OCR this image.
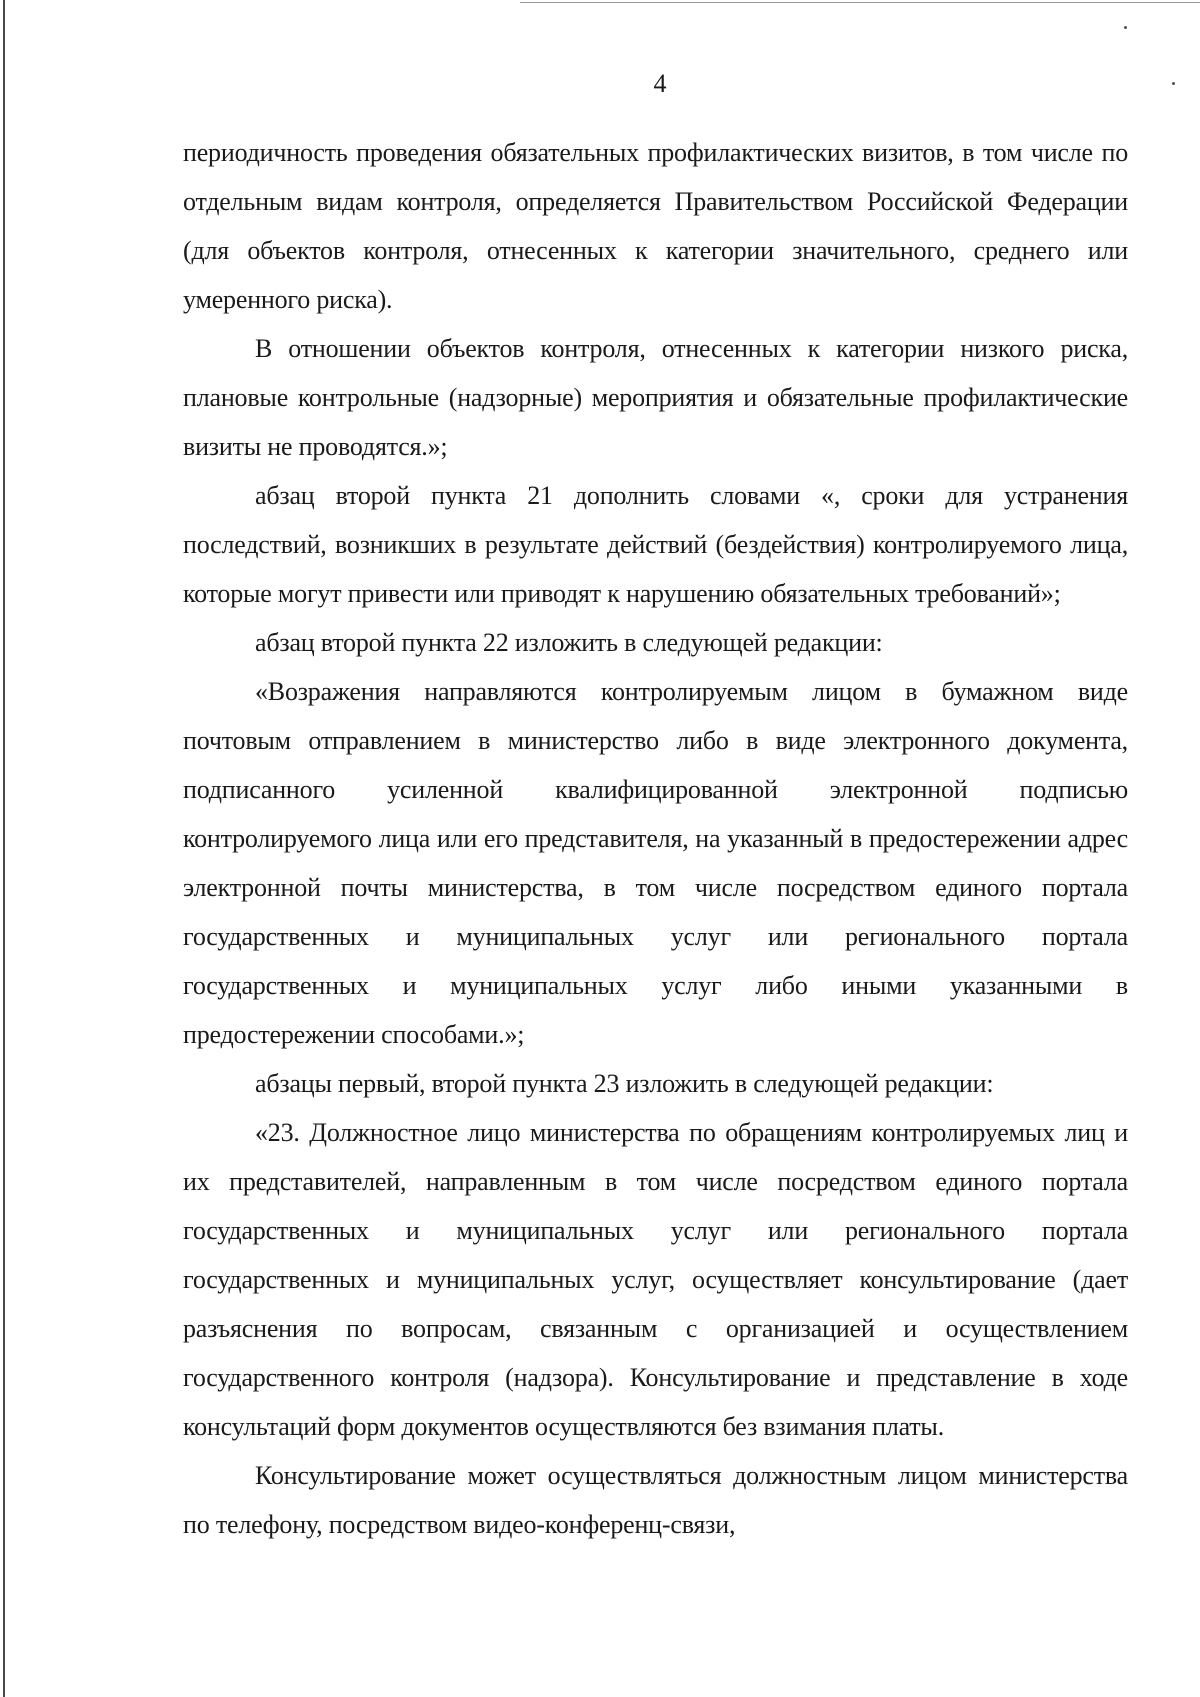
4

периодичность проведения обязательных профилактических визитов, в том числе по отдельным видам контроля, определяется Правительством Российской Федерации (для объектов контроля, отнесенных к категории значительного, среднего или умеренного риска).

В отношении объектов контроля, отнесенных к категории низкого риска, плановые контрольные (надзорные) мероприятия и обязательные профилактические визиты не проводятся.»;

абзац второй пункта 21 дополнить словами «, сроки для устранения последствий, возникших в результате действий (бездействия) контролируемого лица, которые могут привести или приводят к нарушению обязательных требований»;

абзац второй пункта 22 изложить в следующей редакции:

«Возражения направляются контролируемым лицом в бумажном виде почтовым отправлением в министерство либо в виде электронного документа, подписанного усиленной квалифицированной электронной подписью контролируемого лица или его представителя, на указанный в предостережении адрес электронной почты министерства, в том числе посредством единого портала государственных и муниципальных услуг или регионального портала государственных и муниципальных услуг либо иными указанными в предостережении способами.»;

абзацы первый, второй пункта 23 изложить в следующей редакции:

«23. Должностное лицо министерства по обращениям контролируемых лиц и их представителей, направленным в том числе посредством единого портала государственных и муниципальных услуг или регионального портала государственных и муниципальных услуг, осуществляет консультирование (дает разъяснения по вопросам, связанным с организацией и осуществлением государственного контроля (надзора). Консультирование и представление в ходе консультаций форм документов осуществляются без взимания платы.

Консультирование может осуществляться должностным лицом министерства по телефону, посредством видео-конференц-связи,
